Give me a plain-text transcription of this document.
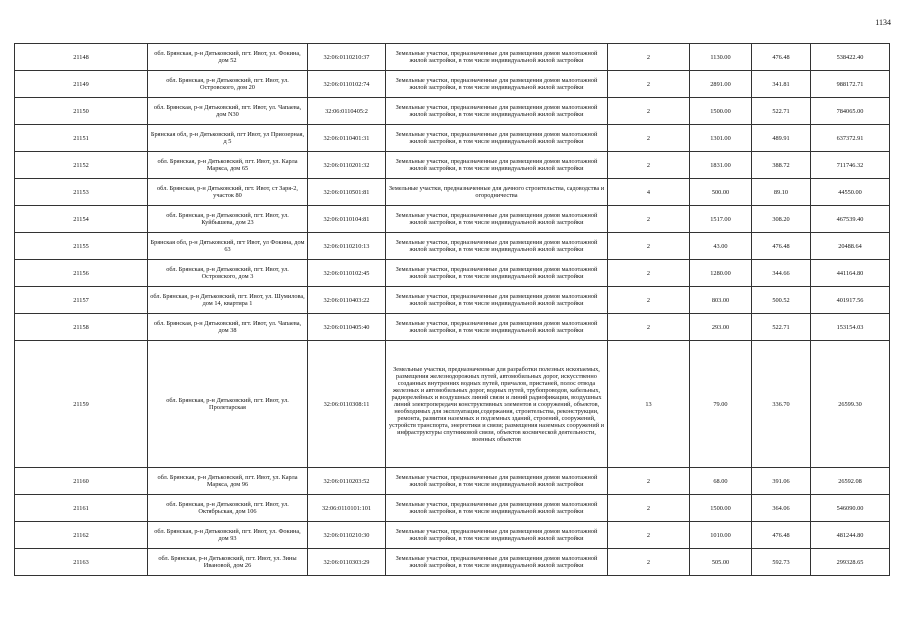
1134
21148	обл. Брянская, р-н Дятьковский, пгт. Ивот, ул. Фокина, дом 52	32:06:0110210:37	Земельные участки, предназначенные для размещения домов малоэтажной жилой застройки, в том числе индивидуальной жилой застройки	2	1130.00	476.48	538422.40
21149	обл. Брянская, р-н Дятьковский, пгт. Ивот, ул. Островского, дом 20	32:06:0110102:74	Земельные участки, предназначенные для размещения домов малоэтажной жилой застройки, в том числе индивидуальной жилой застройки	2	2891.00	341.81	988172.71
21150	обл. Брянская, р-н Дятьковский, пгт. Ивот, ул. Чапаева, дом N30	32:06:0110405:2	Земельные участки, предназначенные для размещения домов малоэтажной жилой застройки, в том числе индивидуальной жилой застройки	2	1500.00	522.71	784065.00
21151	Брянская обл, р-н Дятьковский, пгт Ивот, ул Приозерная, д 5	32:06:0110401:31	Земельные участки, предназначенные для размещения домов малоэтажной жилой застройки, в том числе индивидуальной жилой застройки	2	1301.00	489.91	637372.91
21152	обл. Брянская, р-н Дятьковский, пгт. Ивот, ул. Карла Маркса, дом 65	32:06:0110201:32	Земельные участки, предназначенные для размещения домов малоэтажной жилой застройки, в том числе индивидуальной жилой застройки	2	1831.00	388.72	711746.32
21153	обл. Брянская, р-н Дятьковский, пгт. Ивот, ст Заря-2, участок 80	32:06:0110501:81	Земельные участки, предназначенные для дачного строительства, садоводства и огородничества	4	500.00	89.10	44550.00
21154	обл. Брянская, р-н Дятьковский, пгт. Ивот, ул. Куйбышева, дом 23	32:06:0110104:81	Земельные участки, предназначенные для размещения домов малоэтажной жилой застройки, в том числе индивидуальной жилой застройки	2	1517.00	308.20	467539.40
21155	Брянская обл, р-н Дятьковский, пгт Ивот, ул Фокина, дом 63	32:06:0110210:13	Земельные участки, предназначенные для размещения домов малоэтажной жилой застройки, в том числе индивидуальной жилой застройки	2	43.00	476.48	20488.64
21156	обл. Брянская, р-н Дятьковский, пгт. Ивот, ул. Островского, дом 3	32:06:0110102:45	Земельные участки, предназначенные для размещения домов малоэтажной жилой застройки, в том числе индивидуальной жилой застройки	2	1280.00	344.66	441164.80
21157	обл. Брянская, р-н Дятьковский, пгт. Ивот, ул. Шумилова, дом 14, квартира 1	32:06:0110403:22	Земельные участки, предназначенные для размещения домов малоэтажной жилой застройки, в том числе индивидуальной жилой застройки	2	803.00	500.52	401917.56
21158	обл. Брянская, р-н Дятьковский, пгт. Ивот, ул. Чапаева, дом 38	32:06:0110405:40	Земельные участки, предназначенные для размещения домов малоэтажной жилой застройки, в том числе индивидуальной жилой застройки	2	293.00	522.71	153154.03
21159	обл. Брянская, р-н Дятьковский, пгт. Ивот, ул. Пролетарская	32:06:0110308:11	Земельные участки, предназначенные для разработки полезных ископаемых, размещения железнодорожных путей, автомобильных дорог, искусственно созданных внутренних водных путей, причалов, пристаней, полос отвода железных и автомобильных дорог, водных путей, трубопроводов, кабельных, радиорелейных и воздушных линий связи и линий радиофикации, воздушных линий электропередачи конструктивных элементов и сооружений, объектов, необходимых для эксплуатации,содержания, строительства, реконструкции, ремонта, развития наземных и подземных зданий, строений, сооружений, устройств транспорта, энергетики и связи; размещения наземных сооружений и инфраструктуры спутниковой связи, объектов космической деятельности, военных объектов	13	79.00	336.70	26599.30
21160	обл. Брянская, р-н Дятьковский, пгт. Ивот, ул. Карла Маркса, дом 96	32:06:0110203:52	Земельные участки, предназначенные для размещения домов малоэтажной жилой застройки, в том числе индивидуальной жилой застройки	2	68.00	391.06	26592.08
21161	обл. Брянская, р-н Дятьковский, пгт. Ивот, ул. Октябрьская, дом 106	32:06:0110101:101	Земельные участки, предназначенные для размещения домов малоэтажной жилой застройки, в том числе индивидуальной жилой застройки	2	1500.00	364.06	546090.00
21162	обл. Брянская, р-н Дятьковский, пгт. Ивот, ул. Фокина, дом 93	32:06:0110210:30	Земельные участки, предназначенные для размещения домов малоэтажной жилой застройки, в том числе индивидуальной жилой застройки	2	1010.00	476.48	481244.80
21163	обл. Брянская, р-н Дятьковский, пгт. Ивот, ул. Зины Ивановой, дом 26	32:06:0110303:29	Земельные участки, предназначенные для размещения домов малоэтажной жилой застройки, в том числе индивидуальной жилой застройки	2	505.00	592.73	299328.65
